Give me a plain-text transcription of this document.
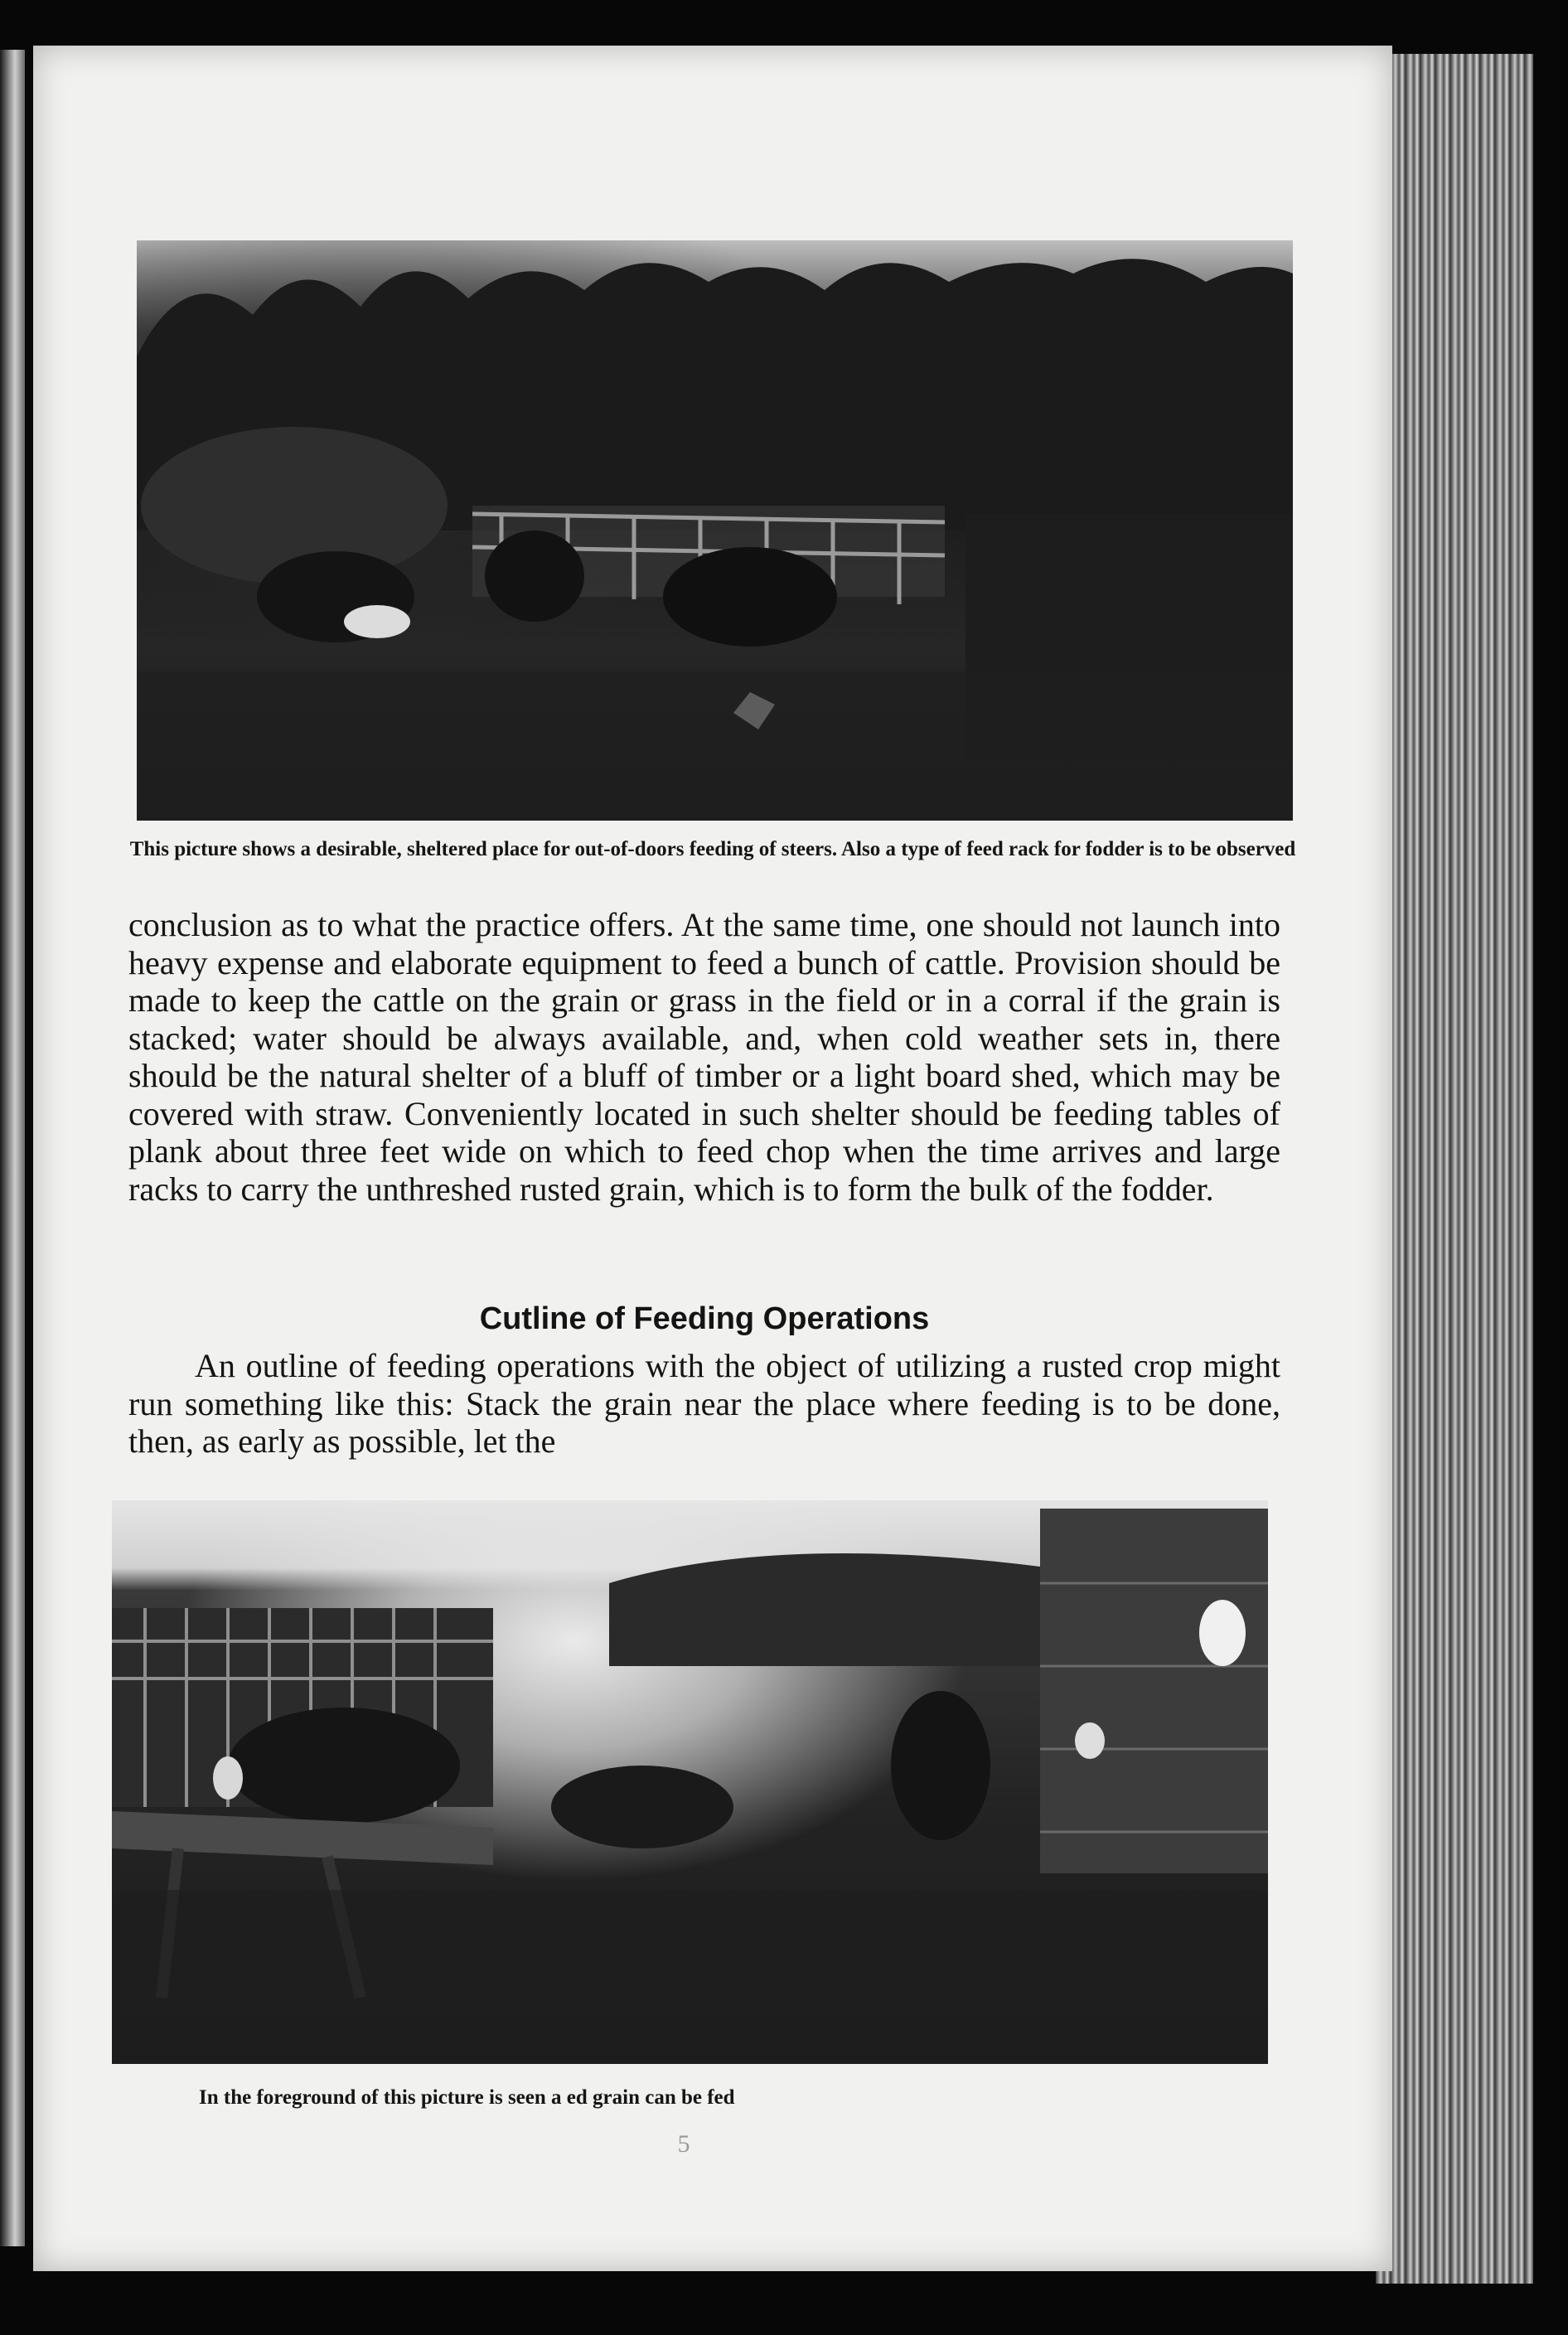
This picture shows a desirable, sheltered place for out-of-doors feeding of steers. Also a type of feed rack for fodder is to be observed

conclusion as to what the practice offers. At the same time, one should not launch into heavy expense and elaborate equipment to feed a bunch of cattle. Provision should be made to keep the cattle on the grain or grass in the field or in a corral if the grain is stacked; water should be always available, and, when cold weather sets in, there should be the natural shelter of a bluff of timber or a light board shed, which may be covered with straw. Conveniently located in such shelter should be feeding tables of plank about three feet wide on which to feed chop when the time arrives and large racks to carry the unthreshed rusted grain, which is to form the bulk of the fodder.

Cutline of Feeding Operations

An outline of feeding operations with the object of utilizing a rusted crop might run something like this: Stack the grain near the place where feeding is to be done, then, as early as possible, let the

In the foreground of this picture is seen a ed grain can be fed
5
